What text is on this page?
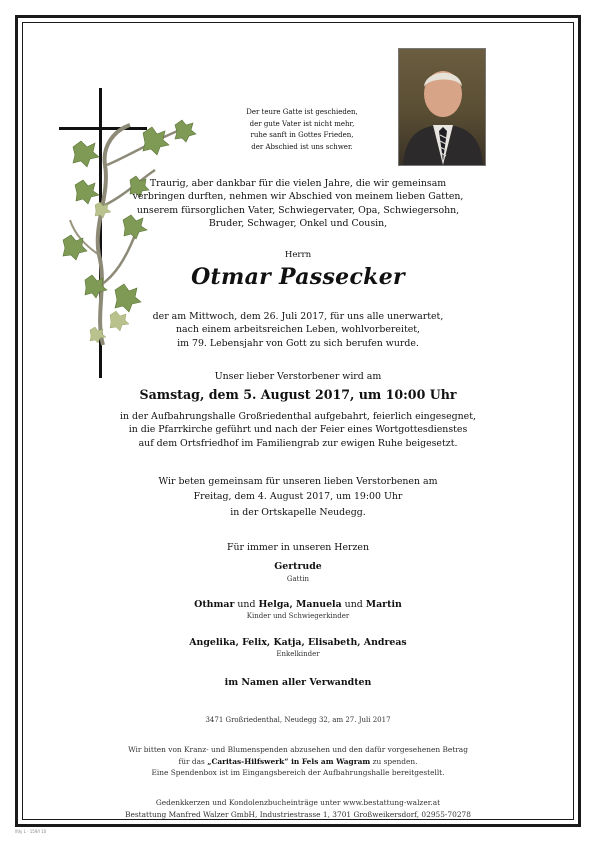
Der teure Gatte ist geschieden,
der gute Vater ist nicht mehr,
ruhe sanft in Gottes Frieden,
der Abschied ist uns schwer.
Traurig, aber dankbar für die vielen Jahre, die wir gemeinsam
verbringen durften, nehmen wir Abschied von meinem lieben Gatten,
unserem fürsorglichen Vater, Schwiegervater, Opa, Schwiegersohn,
Bruder, Schwager, Onkel und Cousin,
Herrn
Otmar Passecker
der am Mittwoch, dem 26. Juli 2017, für uns alle unerwartet,
nach einem arbeitsreichen Leben, wohlvorbereitet,
im 79. Lebensjahr von Gott zu sich berufen wurde.
Unser lieber Verstorbener wird am
Samstag, dem 5. August 2017, um 10:00 Uhr
in der Aufbahrungshalle Großriedenthal aufgebahrt, feierlich eingesegnet,
in die Pfarrkirche geführt und nach der Feier eines Wortgottesdienstes
auf dem Ortsfriedhof im Familiengrab zur ewigen Ruhe beigesetzt.
Wir beten gemeinsam für unseren lieben Verstorbenen am
Freitag, dem 4. August 2017, um 19:00 Uhr
in der Ortskapelle Neudegg.
Für immer in unseren Herzen
Gertrude
Gattin
Othmar und Helga, Manuela und Martin
Kinder und Schwiegerkinder
Angelika, Felix, Katja, Elisabeth, Andreas
Enkelkinder
im Namen aller Verwandten
3471 Großriedenthal, Neudegg 32, am 27. Juli 2017
Wir bitten von Kranz- und Blumenspenden abzusehen und den dafür vorgesehenen Betrag
für das „Caritas-Hilfswerk“ in Fels am Wagram zu spenden.
Eine Spendenbox ist im Eingangsbereich der Aufbahrungshalle bereitgestellt.
Gedenkkerzen und Kondolenzbucheinträge unter www.bestattung-walzer.at
Bestattung Manfred Walzer GmbH, Industriestrasse 1, 3701 Großweikersdorf, 02955-70278
lfdy L · 159/l 10
